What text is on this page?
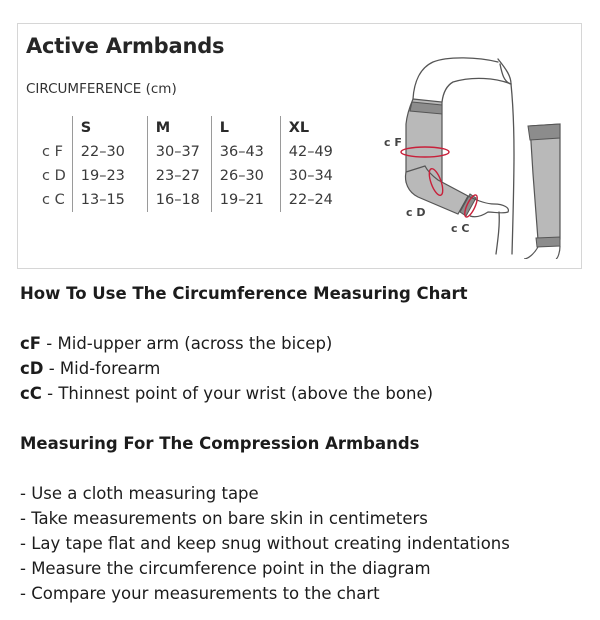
Active Armbands
CIRCUMFERENCE (cm)
	S	M	L	XL
c F	22–30	30–37	36–43	42–49
c D	19–23	23–27	26–30	30–34
c C	13–15	16–18	19–21	22–24
c F
c D
c C

How To Use The Circumference Measuring Chart

cF - Mid-upper arm (across the bicep)

cD - Mid-forearm

cC - Thinnest point of your wrist (above the bone)

Measuring For The Compression Armbands

- Use a cloth measuring tape

- Take measurements on bare skin in centimeters

- Lay tape flat and keep snug without creating indentations

- Measure the circumference point in the diagram

- Compare your measurements to the chart
